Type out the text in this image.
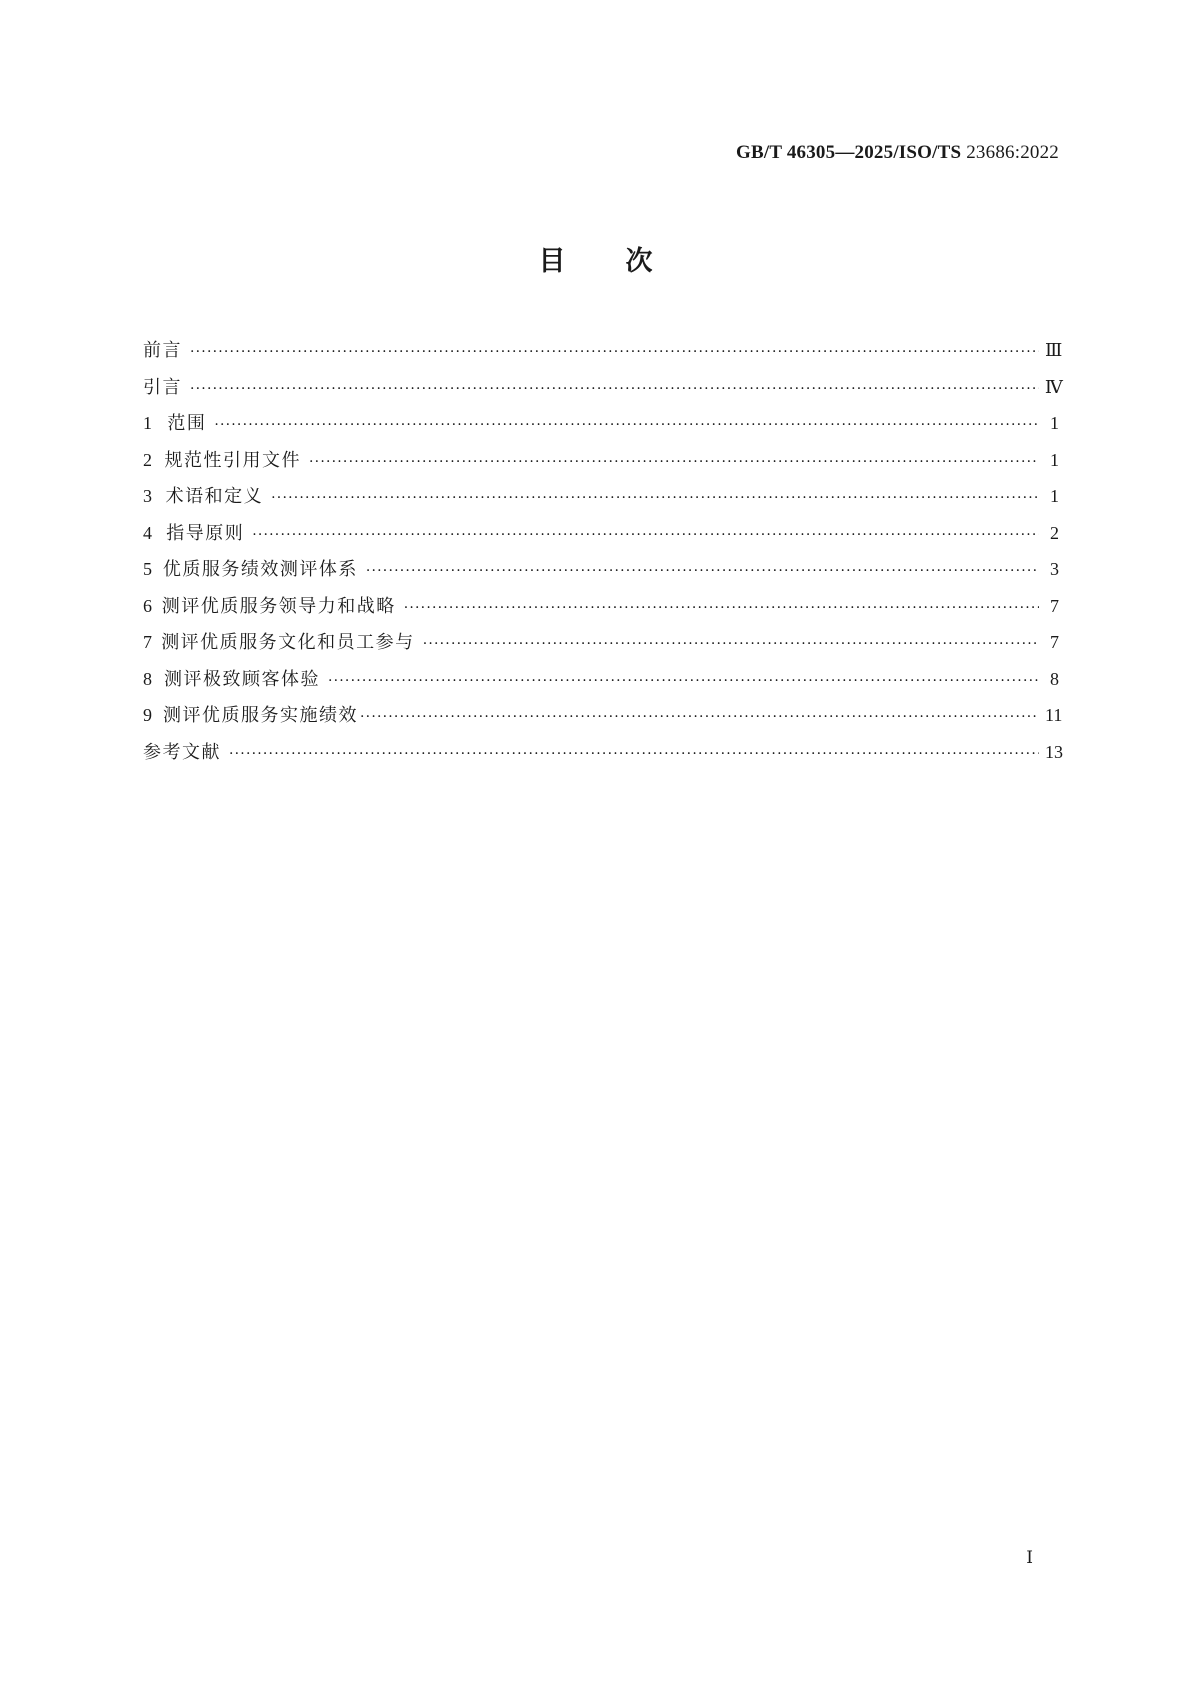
GB/T 46305—2025/ISO/TS 23686:2022
目次
前言 ·····	Ⅲ
引言 ·····	Ⅳ
1 范围 ·····	1
2 规范性引用文件 ·····	1
3 术语和定义 ·····	1
4 指导原则 ·····	2
5 优质服务绩效测评体系 ·····	3
6 测评优质服务领导力和战略 ·····	7
7 测评优质服务文化和员工参与 ·····	7
8 测评极致顾客体验 ·····	8
9 测评优质服务实施绩效 ·····	11
参考文献 ·····	13
Ⅰ
